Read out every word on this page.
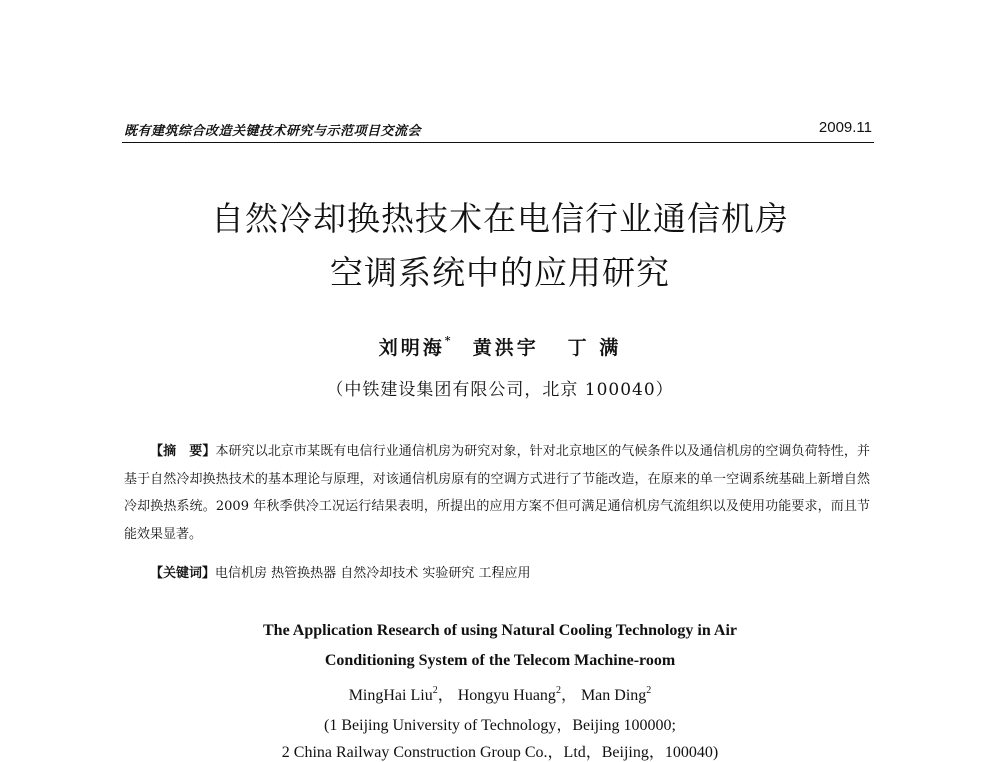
既有建筑综合改造关键技术研究与示范项目交流会	2009.11
自然冷却换热技术在电信行业通信机房
空调系统中的应用研究
刘明海* 黄洪宇 丁 满
（中铁建设集团有限公司，北京 100040）
【摘　要】本研究以北京市某既有电信行业通信机房为研究对象，针对北京地区的气候条件以及通信机房的空调负荷特性，并基于自然冷却换热技术的基本理论与原理，对该通信机房原有的空调方式进行了节能改造，在原来的单一空调系统基础上新增自然冷却换热系统。2009 年秋季供冷工况运行结果表明，所提出的应用方案不但可满足通信机房气流组织以及使用功能要求，而且节能效果显著。
【关键词】电信机房 热管换热器 自然冷却技术 实验研究 工程应用
The Application Research of using Natural Cooling Technology in Air
Conditioning System of the Telecom Machine-room
MingHai Liu$^2$， Hongyu Huang$^2$， Man Ding$^2$
(1 Beijing University of Technology，Beijing 100000;
2 China Railway Construction Group Co.，Ltd，Beijing，100040)
